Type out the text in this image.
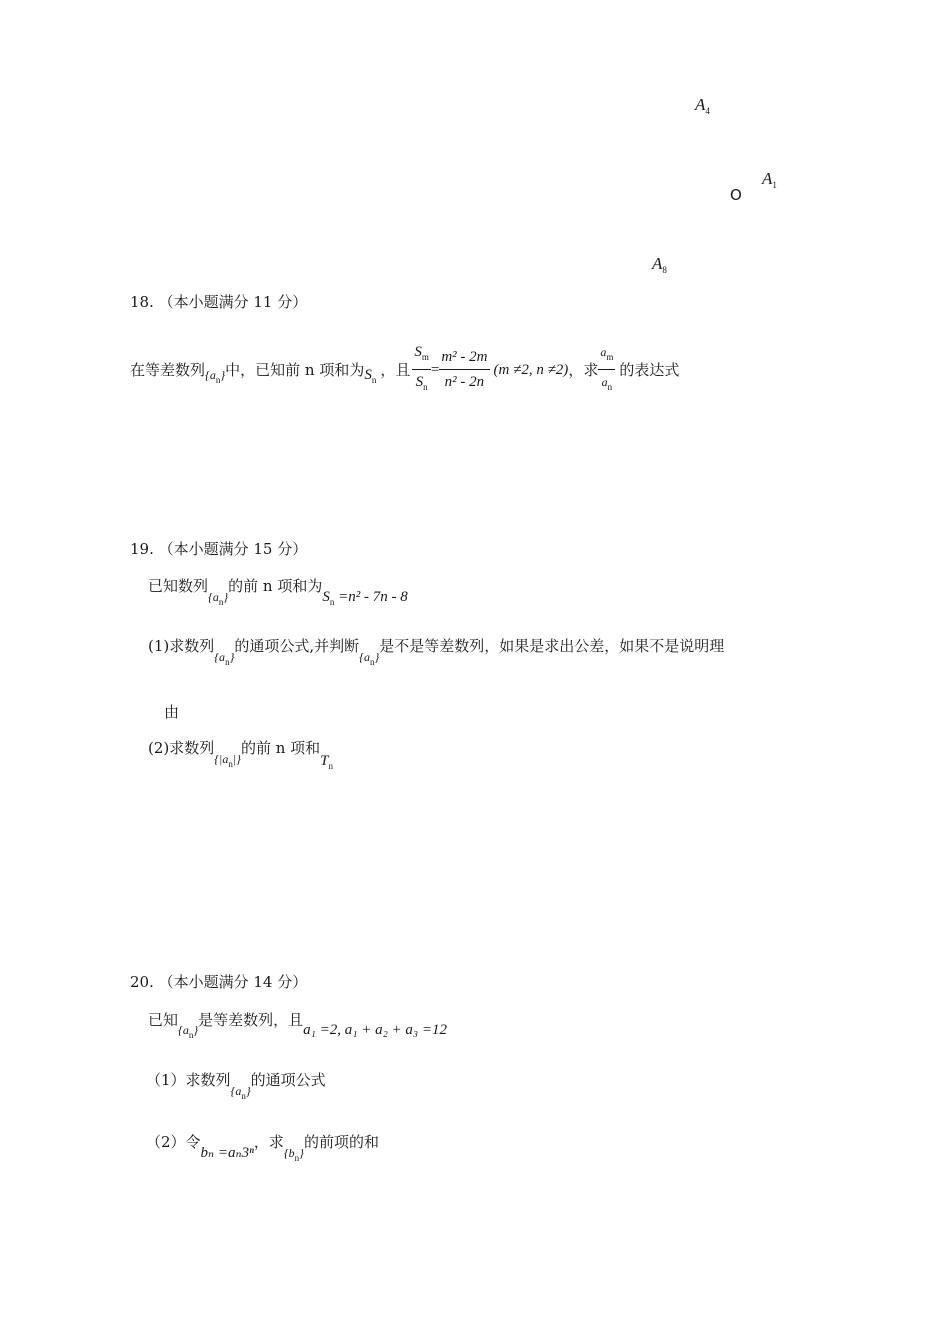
$A_4$
O
$A_1$
$A_8$
18. （本小题满分 11 分）
在等差数列 $\{a_n\}$ 中，已知前 n 项和为 $S_n$
，且 $\frac{S_m}{S_n} = \frac{\text{m² - 2m}}{\text{n² - 2n}} (m \ne 2$, n ≠2) ，求 $\frac{a_m}{a_n}$ 的表达式
19. （本小题满分 15 分）
已知数列$_{\{a_n\}}$的前 n 项和为$S_n =n^2 - 7n - 8$
(1)求数列$_{\{a_n\}}$的通项公式,并判断$_{\{a_n\}}$是不是等差数列，如果是求出公差，如果不是说明理
由
(2)求数列$_{\{|a_n|\}}$的前 n 项和$T_n$
20. （本小题满分 14 分）
已知$_{\{a_n\}}$是等差数列，且a₁ =2, a₁ + a₂ + a₃ =12
（1）求数列$_{\{a_n\}}$的通项公式
（2）令bₙ =aₙ3ⁿ，求$_{\{b_n\}}$的前项的和
